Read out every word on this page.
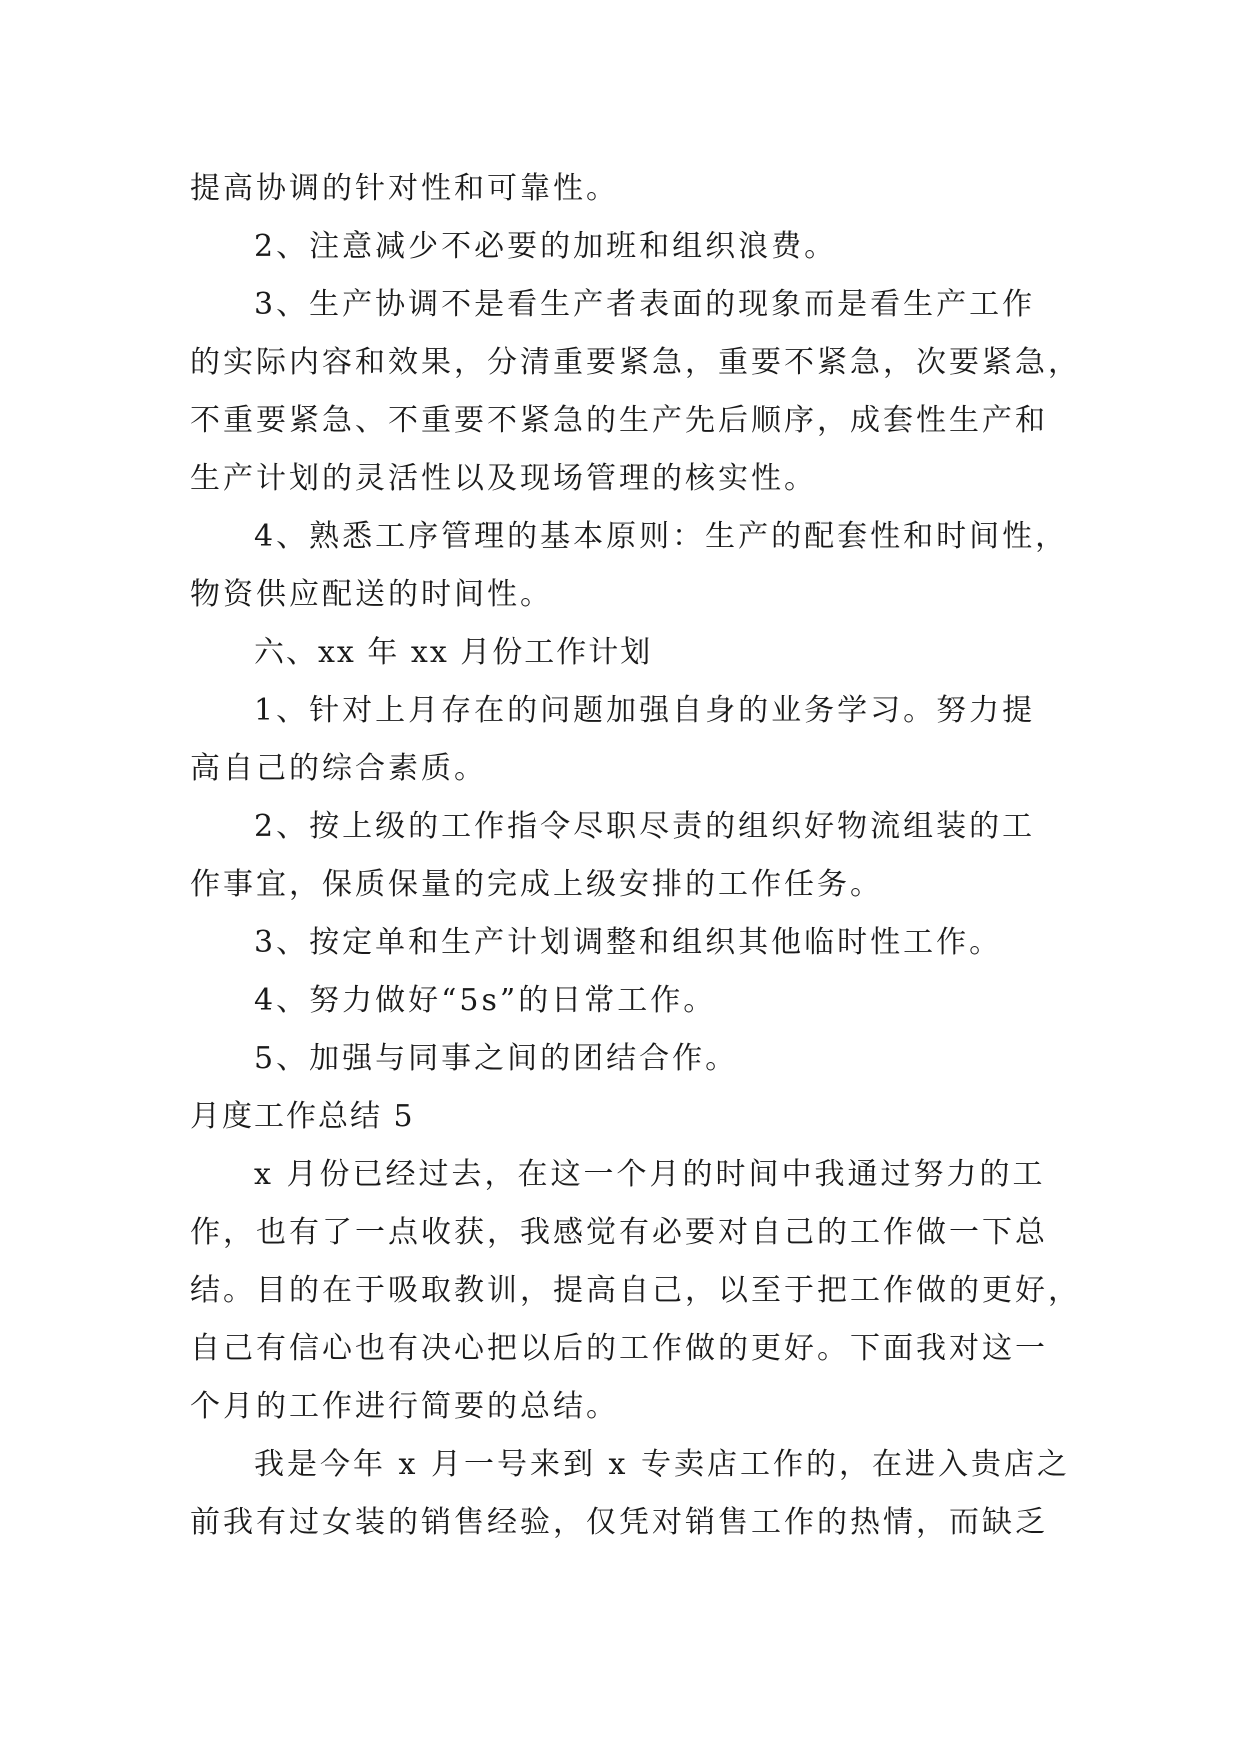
提高协调的针对性和可靠性。
2、注意减少不必要的加班和组织浪费。
3、生产协调不是看生产者表面的现象而是看生产工作
的实际内容和效果，分清重要紧急，重要不紧急，次要紧急，
不重要紧急、不重要不紧急的生产先后顺序，成套性生产和
生产计划的灵活性以及现场管理的核实性。
4、熟悉工序管理的基本原则：生产的配套性和时间性，
物资供应配送的时间性。
六、xx 年 xx 月份工作计划
1、针对上月存在的问题加强自身的业务学习。努力提
高自己的综合素质。
2、按上级的工作指令尽职尽责的组织好物流组装的工
作事宜，保质保量的完成上级安排的工作任务。
3、按定单和生产计划调整和组织其他临时性工作。
4、努力做好“5s”的日常工作。
5、加强与同事之间的团结合作。
月度工作总结 5
x 月份已经过去，在这一个月的时间中我通过努力的工
作，也有了一点收获，我感觉有必要对自己的工作做一下总
结。目的在于吸取教训，提高自己，以至于把工作做的更好，
自己有信心也有决心把以后的工作做的更好。下面我对这一
个月的工作进行简要的总结。
我是今年 x 月一号来到 x 专卖店工作的，在进入贵店之
前我有过女装的销售经验，仅凭对销售工作的热情，而缺乏
